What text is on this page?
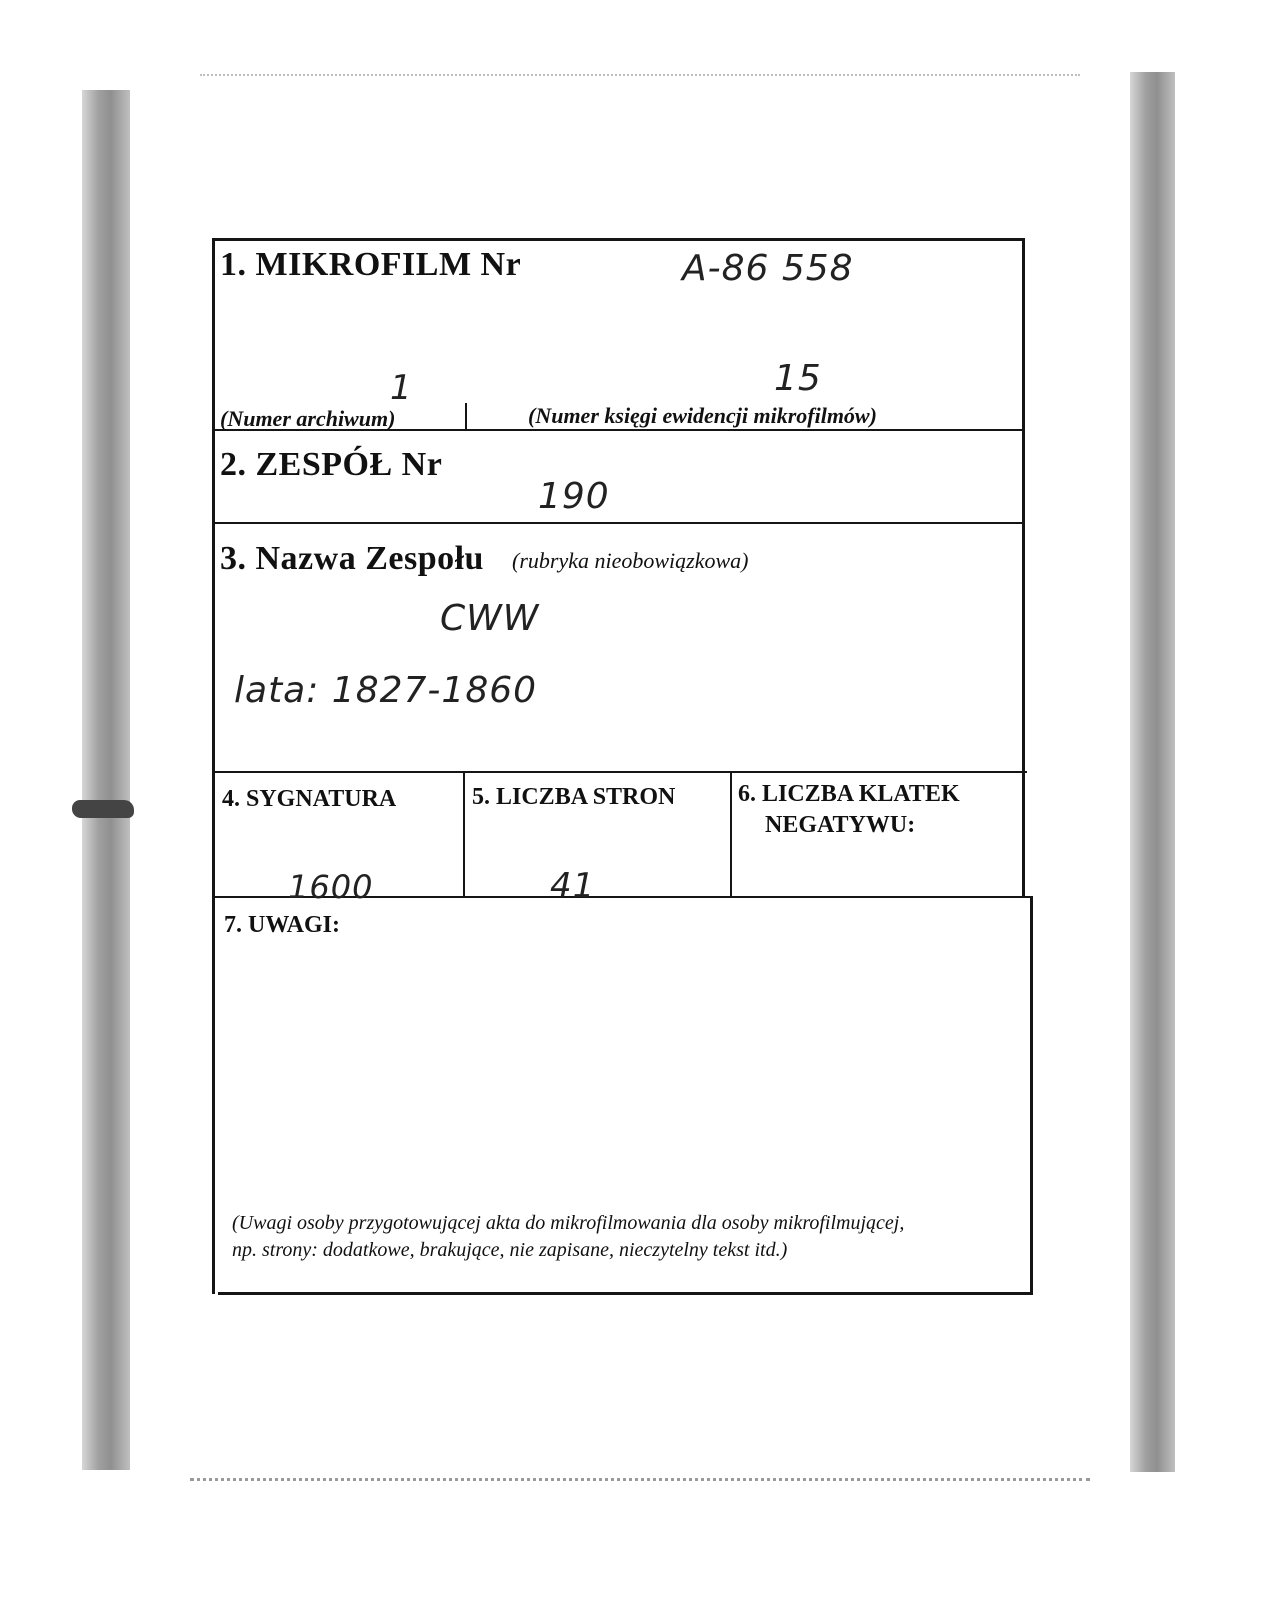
1. MIKROFILM Nr	A-86 558
1	15
(Numer archiwum)	(Numer księgi ewidencji mikrofilmów)
2. ZESPÓŁ Nr
190
3. Nazwa Zespołu (rubryka nieobowiązkowa)
CWW
lata: 1827-1860
4. SYGNATURA
1600
5. LICZBA STRON
41
6. LICZBA KLATEK
NEGATYWU:
7. UWAGI:
(Uwagi osoby przygotowującej akta do mikrofilmowania dla osoby mikrofilmującej,
np. strony: dodatkowe, brakujące, nie zapisane, nieczytelny tekst itd.)
